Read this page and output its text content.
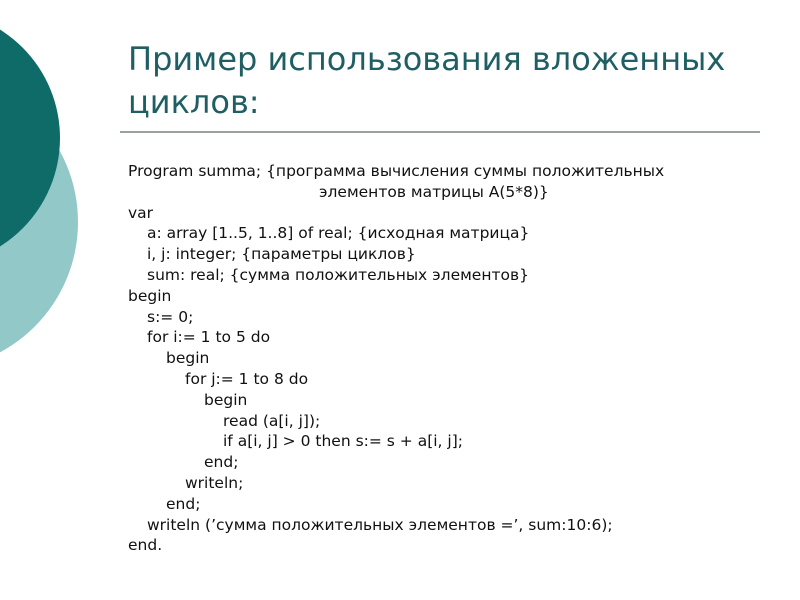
Пример использования вложенных циклов:
Program summa; {программа вычисления суммы положительных
элементов матрицы A(5*8)}
var
a: array [1..5, 1..8] of real; {исходная матрица}
i, j: integer; {параметры циклов}
sum: real; {сумма положительных элементов}
begin
s:= 0;
for i:= 1 to 5 do
begin
for j:= 1 to 8 do
begin
read (a[i, j]);
if a[i, j] > 0 then s:= s + a[i, j];
end;
writeln;
end;
writeln (’сумма положительных элементов =’, sum:10:6);
end.
